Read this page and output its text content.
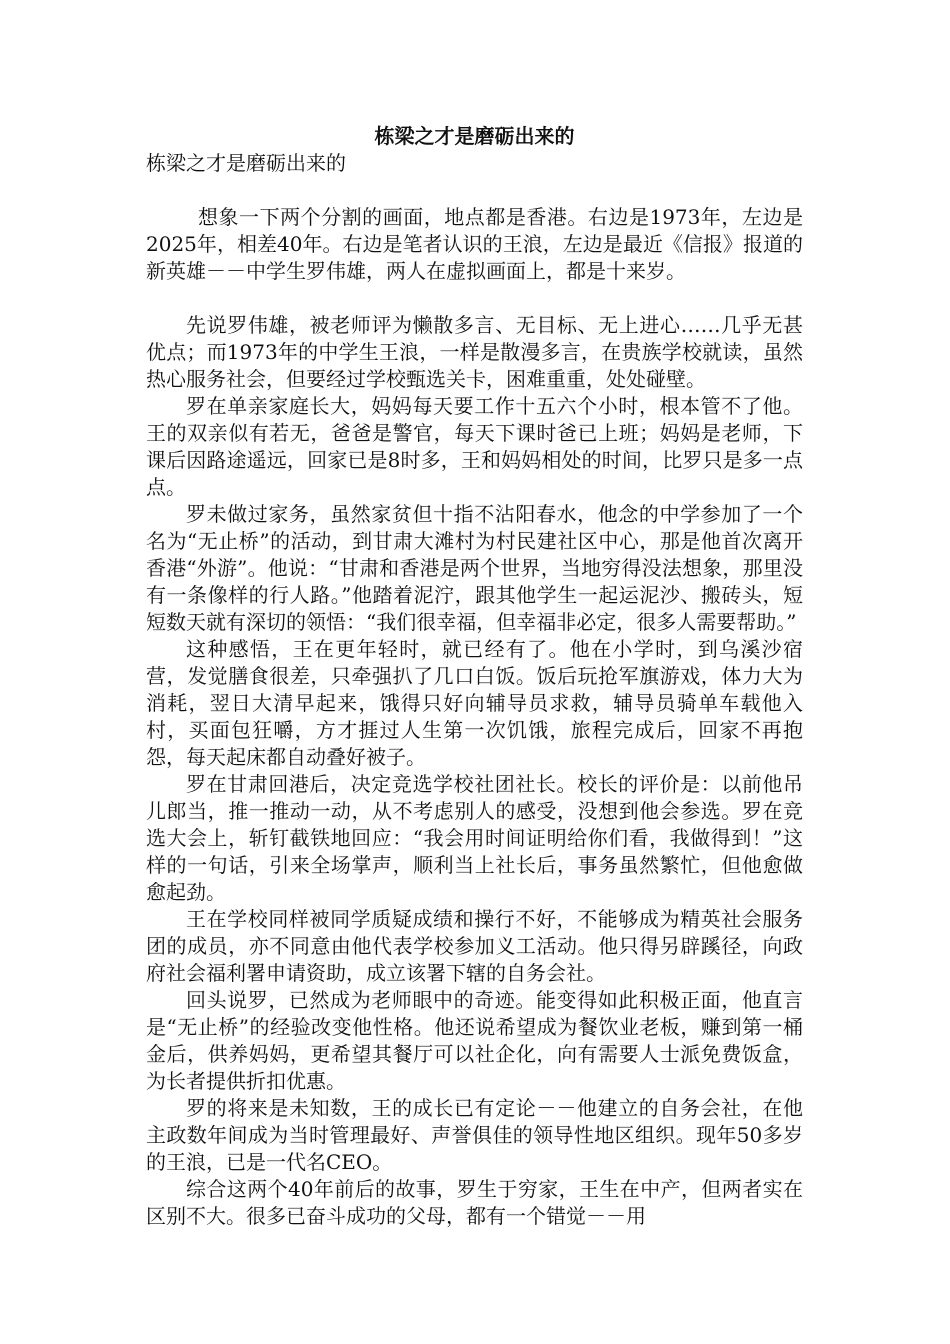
栋梁之才是磨砺出来的

栋梁之才是磨砺出来的

想象一下两个分割的画面，地点都是香港。右边是1973年，左边是2025年，相差40年。右边是笔者认识的王浪，左边是最近《信报》报道的新英雄－－中学生罗伟雄，两人在虚拟画面上，都是十来岁。

先说罗伟雄，被老师评为懒散多言、无目标、无上进心……几乎无甚优点；而1973年的中学生王浪，一样是散漫多言，在贵族学校就读，虽然热心服务社会，但要经过学校甄选关卡，困难重重，处处碰壁。

罗在单亲家庭长大，妈妈每天要工作十五六个小时，根本管不了他。王的双亲似有若无，爸爸是警官，每天下课时爸已上班；妈妈是老师，下课后因路途遥远，回家已是8时多，王和妈妈相处的时间，比罗只是多一点点。

罗未做过家务，虽然家贫但十指不沾阳春水，他念的中学参加了一个名为“无止桥”的活动，到甘肃大滩村为村民建社区中心，那是他首次离开香港“外游”。他说：“甘肃和香港是两个世界，当地穷得没法想象，那里没有一条像样的行人路。”他踏着泥泞，跟其他学生一起运泥沙、搬砖头，短短数天就有深切的领悟：“我们很幸福，但幸福非必定，很多人需要帮助。”

这种感悟，王在更年轻时，就已经有了。他在小学时，到乌溪沙宿营，发觉膳食很差，只牵强扒了几口白饭。饭后玩抢军旗游戏，体力大为消耗，翌日大清早起来，饿得只好向辅导员求救，辅导员骑单车载他入村，买面包狂嚼，方才捱过人生第一次饥饿，旅程完成后，回家不再抱怨，每天起床都自动叠好被子。

罗在甘肃回港后，决定竞选学校社团社长。校长的评价是：以前他吊儿郎当，推一推动一动，从不考虑别人的感受，没想到他会参选。罗在竞选大会上，斩钉截铁地回应：“我会用时间证明给你们看，我做得到！”这样的一句话，引来全场掌声，顺利当上社长后，事务虽然繁忙，但他愈做愈起劲。

王在学校同样被同学质疑成绩和操行不好，不能够成为精英社会服务团的成员，亦不同意由他代表学校参加义工活动。他只得另辟蹊径，向政府社会福利署申请资助，成立该署下辖的自务会社。

回头说罗，已然成为老师眼中的奇迹。能变得如此积极正面，他直言是“无止桥”的经验改变他性格。他还说希望成为餐饮业老板，赚到第一桶金后，供养妈妈，更希望其餐厅可以社企化，向有需要人士派免费饭盒，为长者提供折扣优惠。

罗的将来是未知数，王的成长已有定论－－他建立的自务会社，在他主政数年间成为当时管理最好、声誉俱佳的领导性地区组织。现年50多岁的王浪，已是一代名CEO。

综合这两个40年前后的故事，罗生于穷家，王生在中产，但两者实在区别不大。很多已奋斗成功的父母，都有一个错觉－－用
